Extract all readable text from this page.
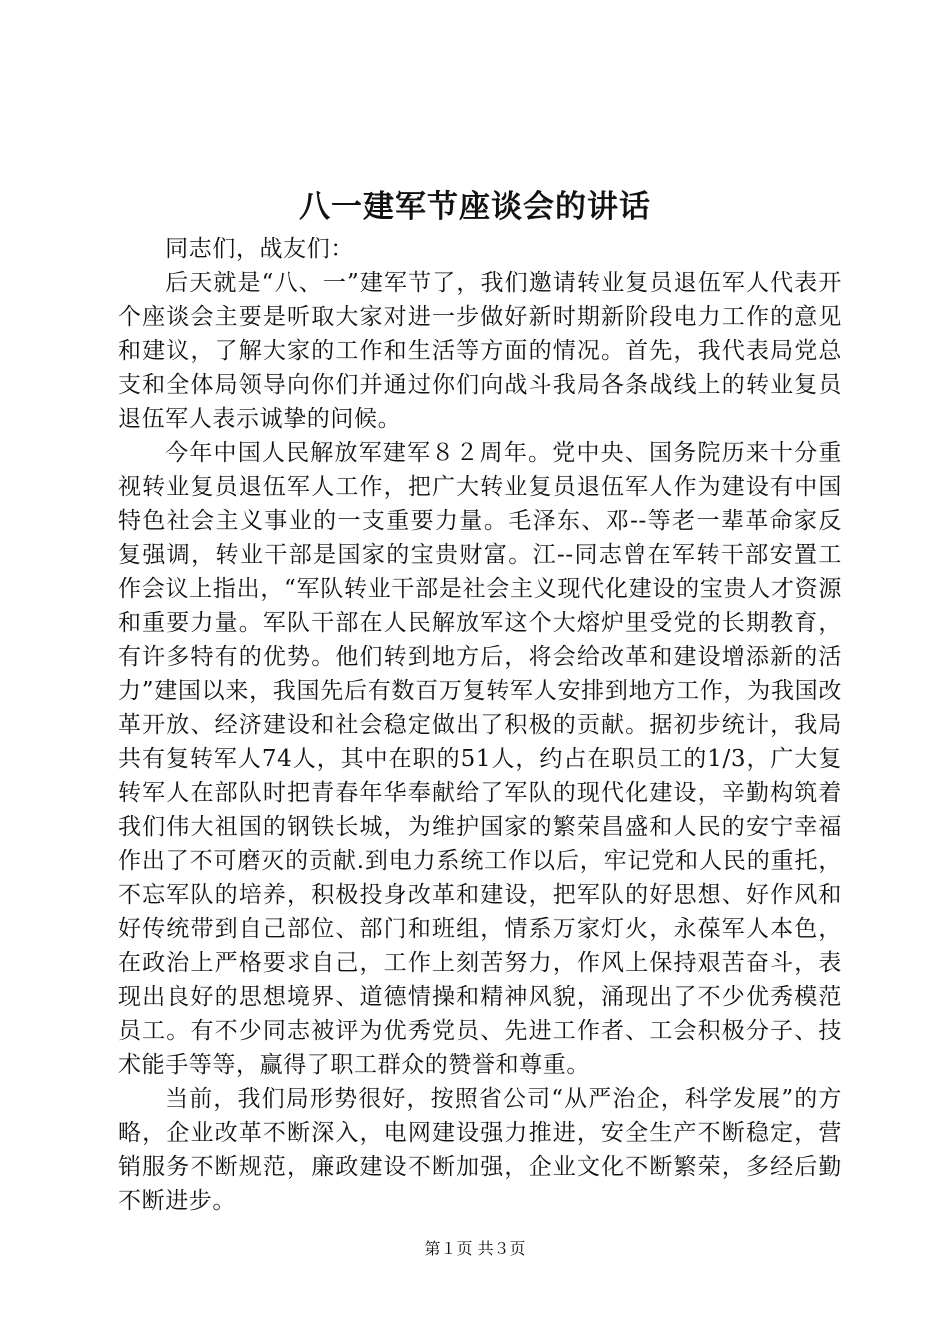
八一建军节座谈会的讲话

同志们，战友们：

后天就是“八、一”建军节了，我们邀请转业复员退伍军人代表开个座谈会主要是听取大家对进一步做好新时期新阶段电力工作的意见和建议，了解大家的工作和生活等方面的情况。首先，我代表局党总支和全体局领导向你们并通过你们向战斗我局各条战线上的转业复员退伍军人表示诚挚的问候。

今年中国人民解放军建军８２周年。党中央、国务院历来十分重视转业复员退伍军人工作，把广大转业复员退伍军人作为建设有中国特色社会主义事业的一支重要力量。毛泽东、邓--等老一辈革命家反复强调，转业干部是国家的宝贵财富。江--同志曾在军转干部安置工作会议上指出，“军队转业干部是社会主义现代化建设的宝贵人才资源和重要力量。军队干部在人民解放军这个大熔炉里受党的长期教育，有许多特有的优势。他们转到地方后，将会给改革和建设增添新的活力”建国以来，我国先后有数百万复转军人安排到地方工作，为我国改革开放、经济建设和社会稳定做出了积极的贡献。据初步统计，我局共有复转军人74人，其中在职的51人，约占在职员工的1/3，广大复转军人在部队时把青春年华奉献给了军队的现代化建设，辛勤构筑着我们伟大祖国的钢铁长城，为维护国家的繁荣昌盛和人民的安宁幸福作出了不可磨灭的贡献.到电力系统工作以后，牢记党和人民的重托，不忘军队的培养，积极投身改革和建设，把军队的好思想、好作风和好传统带到自己部位、部门和班组，情系万家灯火，永葆军人本色，在政治上严格要求自己，工作上刻苦努力，作风上保持艰苦奋斗，表现出良好的思想境界、道德情操和精神风貌，涌现出了不少优秀模范员工。有不少同志被评为优秀党员、先进工作者、工会积极分子、技术能手等等，赢得了职工群众的赞誉和尊重。

当前，我们局形势很好，按照省公司“从严治企，科学发展”的方略，企业改革不断深入，电网建设强力推进，安全生产不断稳定，营销服务不断规范，廉政建设不断加强，企业文化不断繁荣，多经后勤不断进步。

第１页 共３页
